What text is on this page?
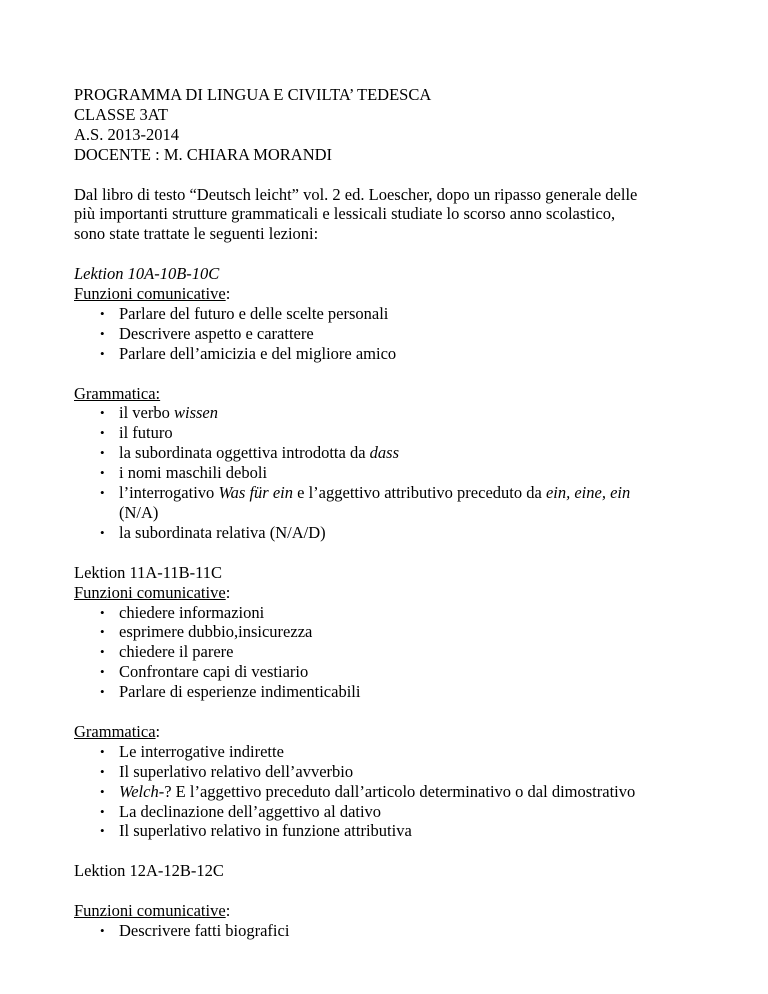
PROGRAMMA DI LINGUA E CIVILTA’ TEDESCA
CLASSE 3AT
A.S. 2013-2014
DOCENTE : M. CHIARA MORANDI
Dal libro di testo “Deutsch leicht” vol. 2 ed. Loescher, dopo un ripasso generale delle
più importanti strutture grammaticali e lessicali studiate lo scorso anno scolastico,
sono state trattate le seguenti lezioni:
Lektion 10A-10B-10C
Funzioni comunicative:
• Parlare del futuro e delle scelte personali
• Descrivere aspetto e carattere
• Parlare dell’amicizia e del migliore amico
Grammatica:
• il verbo wissen
• il futuro
• la subordinata oggettiva introdotta da dass
• i nomi maschili deboli
• l’interrogativo Was für ein e l’aggettivo attributivo preceduto da ein, eine, ein
(N/A)
• la subordinata relativa (N/A/D)
Lektion 11A-11B-11C
Funzioni comunicative:
• chiedere informazioni
• esprimere dubbio,insicurezza
• chiedere il parere
• Confrontare capi di vestiario
• Parlare di esperienze indimenticabili
Grammatica:
• Le interrogative indirette
• Il superlativo relativo dell’avverbio
• Welch-? E l’aggettivo preceduto dall’articolo determinativo o dal dimostrativo
• La declinazione dell’aggettivo al dativo
• Il superlativo relativo in funzione attributiva
Lektion 12A-12B-12C
Funzioni comunicative:
• Descrivere fatti biografici
